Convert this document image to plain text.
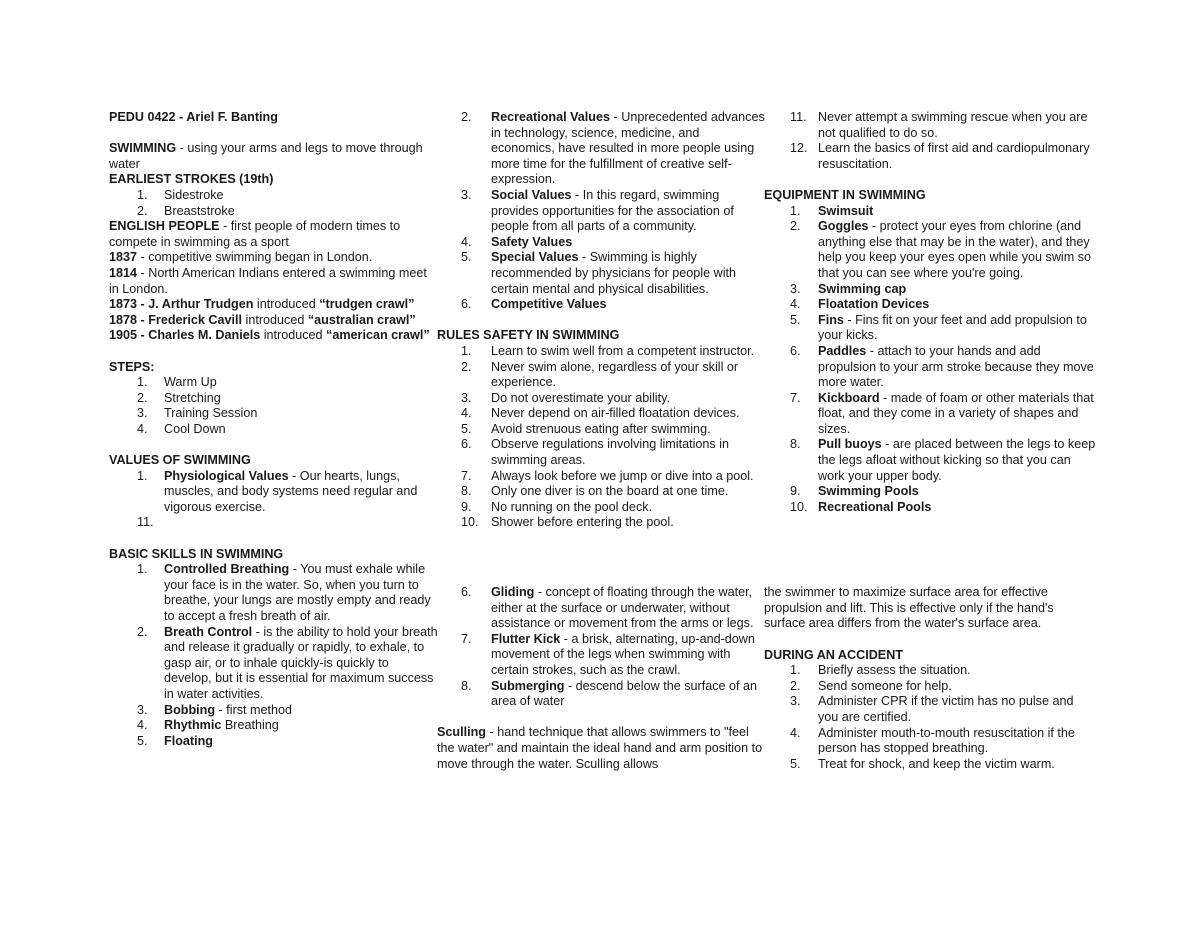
PEDU 0422 - Ariel F. Banting
SWIMMING - using your arms and legs to move through water
EARLIEST STROKES (19th)
1. Sidestroke
2. Breaststroke
ENGLISH PEOPLE - first people of modern times to compete in swimming as a sport
1837 - competitive swimming began in London.
1814 - North American Indians entered a swimming meet in London.
1873 - J. Arthur Trudgen introduced “trudgen crawl”
1878 - Frederick Cavill introduced “australian crawl”
1905 - Charles M. Daniels introduced “american crawl”
STEPS:
1. Warm Up
2. Stretching
3. Training Session
4. Cool Down
VALUES OF SWIMMING
1. Physiological Values - Our hearts, lungs, muscles, and body systems need regular and vigorous exercise.
11.

BASIC SKILLS IN SWIMMING
1. Controlled Breathing - You must exhale while your face is in the water. So, when you turn to breathe, your lungs are mostly empty and ready to accept a fresh breath of air.
2. Breath Control - is the ability to hold your breath and release it gradually or rapidly, to exhale, to gasp air, or to inhale quickly-is quickly to develop, but it is essential for maximum success in water activities.
3. Bobbing - first method
4. Rhythmic Breathing
5. Floating
2. Recreational Values - Unprecedented advances in technology, science, medicine, and economics, have resulted in more people using more time for the fulfillment of creative self-expression.
3. Social Values - In this regard, swimming provides opportunities for the association of people from all parts of a community.
4. Safety Values
5. Special Values - Swimming is highly recommended by physicians for people with certain mental and physical disabilities.
6. Competitive Values
RULES SAFETY IN SWIMMING
1. Learn to swim well from a competent instructor.
2. Never swim alone, regardless of your skill or experience.
3. Do not overestimate your ability.
4. Never depend on air-filled floatation devices.
5. Avoid strenuous eating after swimming.
6. Observe regulations involving limitations in swimming areas.
7. Always look before we jump or dive into a pool.
8. Only one diver is on the board at one time.
9. No running on the pool deck.
10. Shower before entering the pool.
6. Gliding - concept of floating through the water, either at the surface or underwater, without assistance or movement from the arms or legs.
7. Flutter Kick - a brisk, alternating, up-and-down movement of the legs when swimming with certain strokes, such as the crawl.
8. Submerging - descend below the surface of an area of water
Sculling - hand technique that allows swimmers to "feel the water" and maintain the ideal hand and arm position to move through the water. Sculling allows
11. Never attempt a swimming rescue when you are not qualified to do so.
12. Learn the basics of first aid and cardiopulmonary resuscitation.
EQUIPMENT IN SWIMMING
1. Swimsuit
2. Goggles - protect your eyes from chlorine (and anything else that may be in the water), and they help you keep your eyes open while you swim so that you can see where you're going.
3. Swimming cap
4. Floatation Devices
5. Fins - Fins fit on your feet and add propulsion to your kicks.
6. Paddles - attach to your hands and add propulsion to your arm stroke because they move more water.
7. Kickboard - made of foam or other materials that float, and they come in a variety of shapes and sizes.
8. Pull buoys - are placed between the legs to keep the legs afloat without kicking so that you can work your upper body.
9. Swimming Pools
10. Recreational Pools
the swimmer to maximize surface area for effective propulsion and lift. This is effective only if the hand's surface area differs from the water's surface area.
DURING AN ACCIDENT
1. Briefly assess the situation.
2. Send someone for help.
3. Administer CPR if the victim has no pulse and you are certified.
4. Administer mouth-to-mouth resuscitation if the person has stopped breathing.
5. Treat for shock, and keep the victim warm.
